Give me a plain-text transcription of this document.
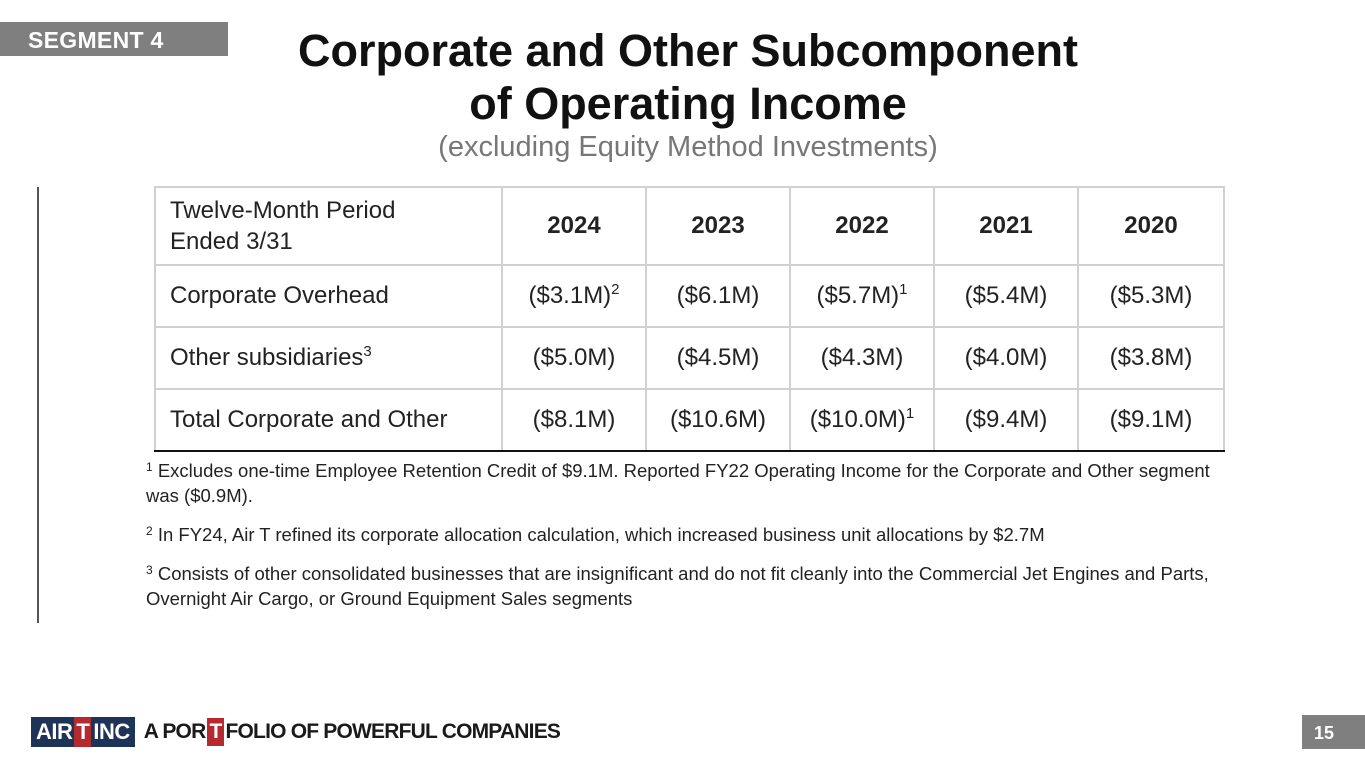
SEGMENT 4	Corporate and Other Subcomponent
of Operating Income
(excluding Equity Method Investments)
Twelve-Month Period
Ended 3/31	2024	2023	2022	2021	2020
Corporate Overhead	($3.1M)$^2$	($6.1M)	($5.7M)$^1$	($5.4M)	($5.3M)
Other subsidiaries$^3$	($5.0M)	($4.5M)	($4.3M)	($4.0M)	($3.8M)
Total Corporate and Other	($8.1M)	($10.6M)	($10.0M)$^1$	($9.4M)	($9.1M)
$^1$ Excludes one-time Employee Retention Credit of $9.1M. Reported FY22 Operating Income for the Corporate and Other segment was ($0.9M).
$^2$ In FY24, Air T refined its corporate allocation calculation, which increased business unit allocations by $2.7M
$^3$ Consists of other consolidated businesses that are insignificant and do not fit cleanly into the Commercial Jet Engines and Parts, Overnight Air Cargo, or Ground Equipment Sales segments
AIR T INC A POR T FOLIO OF POWERFUL COMPANIES	15
